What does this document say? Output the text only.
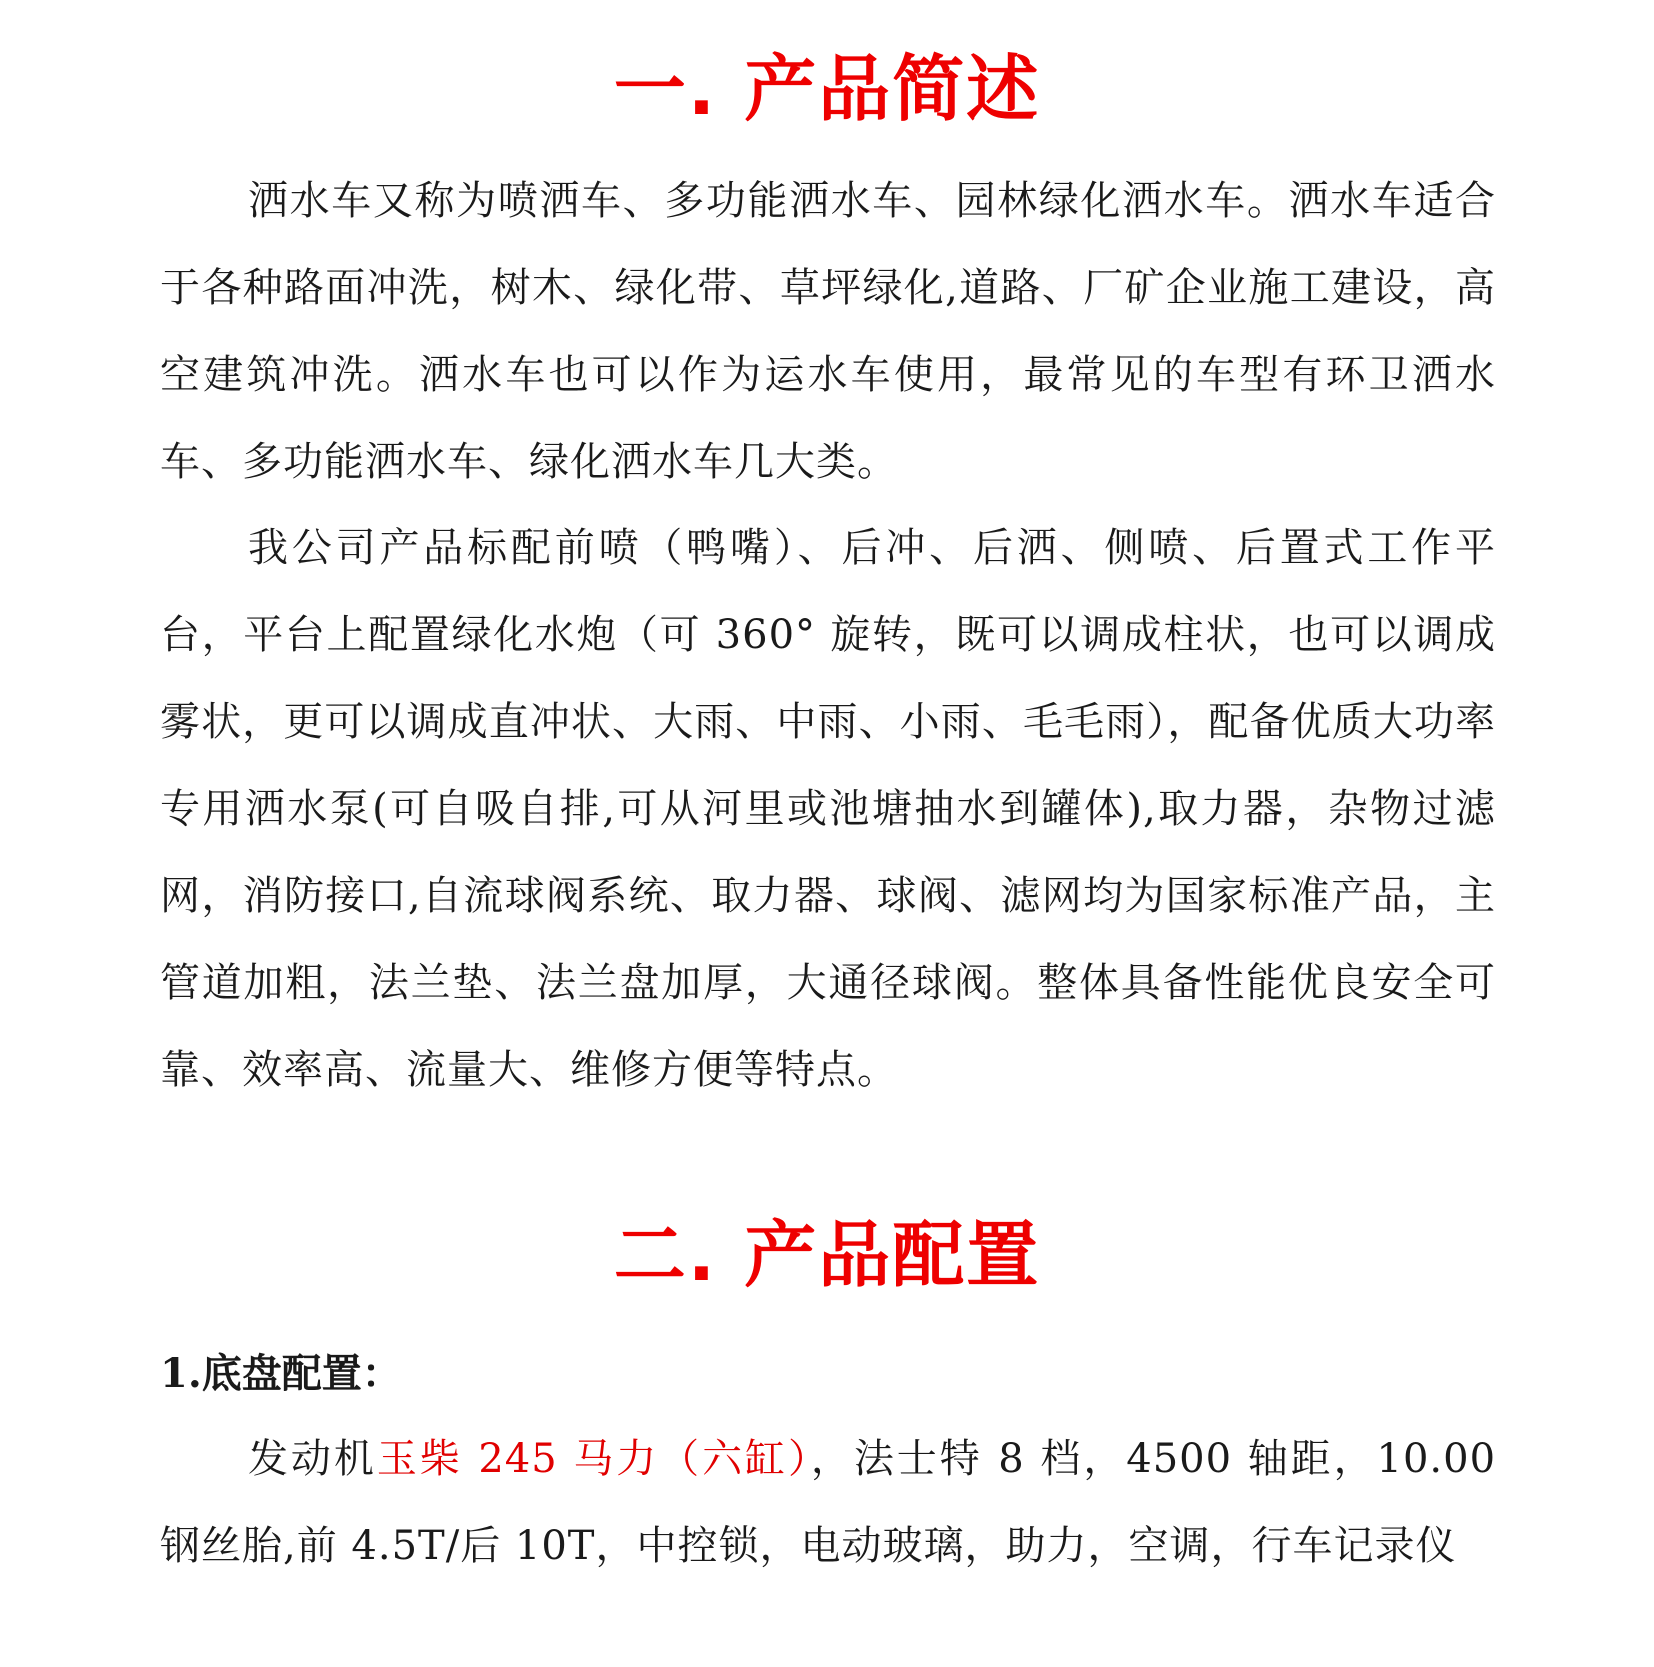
一. 产品简述

洒水车又称为喷洒车、多功能洒水车、园林绿化洒水车。洒水车适合于各种路面冲洗，树木、绿化带、草坪绿化,道路、厂矿企业施工建设，高空建筑冲洗。洒水车也可以作为运水车使用，最常见的车型有环卫洒水车、多功能洒水车、绿化洒水车几大类。

我公司产品标配前喷（鸭嘴）、后冲、后洒、侧喷、后置式工作平台，平台上配置绿化水炮（可 360° 旋转，既可以调成柱状，也可以调成雾状，更可以调成直冲状、大雨、中雨、小雨、毛毛雨），配备优质大功率专用洒水泵(可自吸自排,可从河里或池塘抽水到罐体),取力器，杂物过滤网，消防接口,自流球阀系统、取力器、球阀、滤网均为国家标准产品，主管道加粗，法兰垫、法兰盘加厚，大通径球阀。整体具备性能优良安全可靠、效率高、流量大、维修方便等特点。

二. 产品配置

1.底盘配置：

发动机玉柴 245 马力（六缸），法士特 8 档，4500 轴距，10.00 钢丝胎,前 4.5T/后 10T，中控锁，电动玻璃，助力，空调，行车记录仪
